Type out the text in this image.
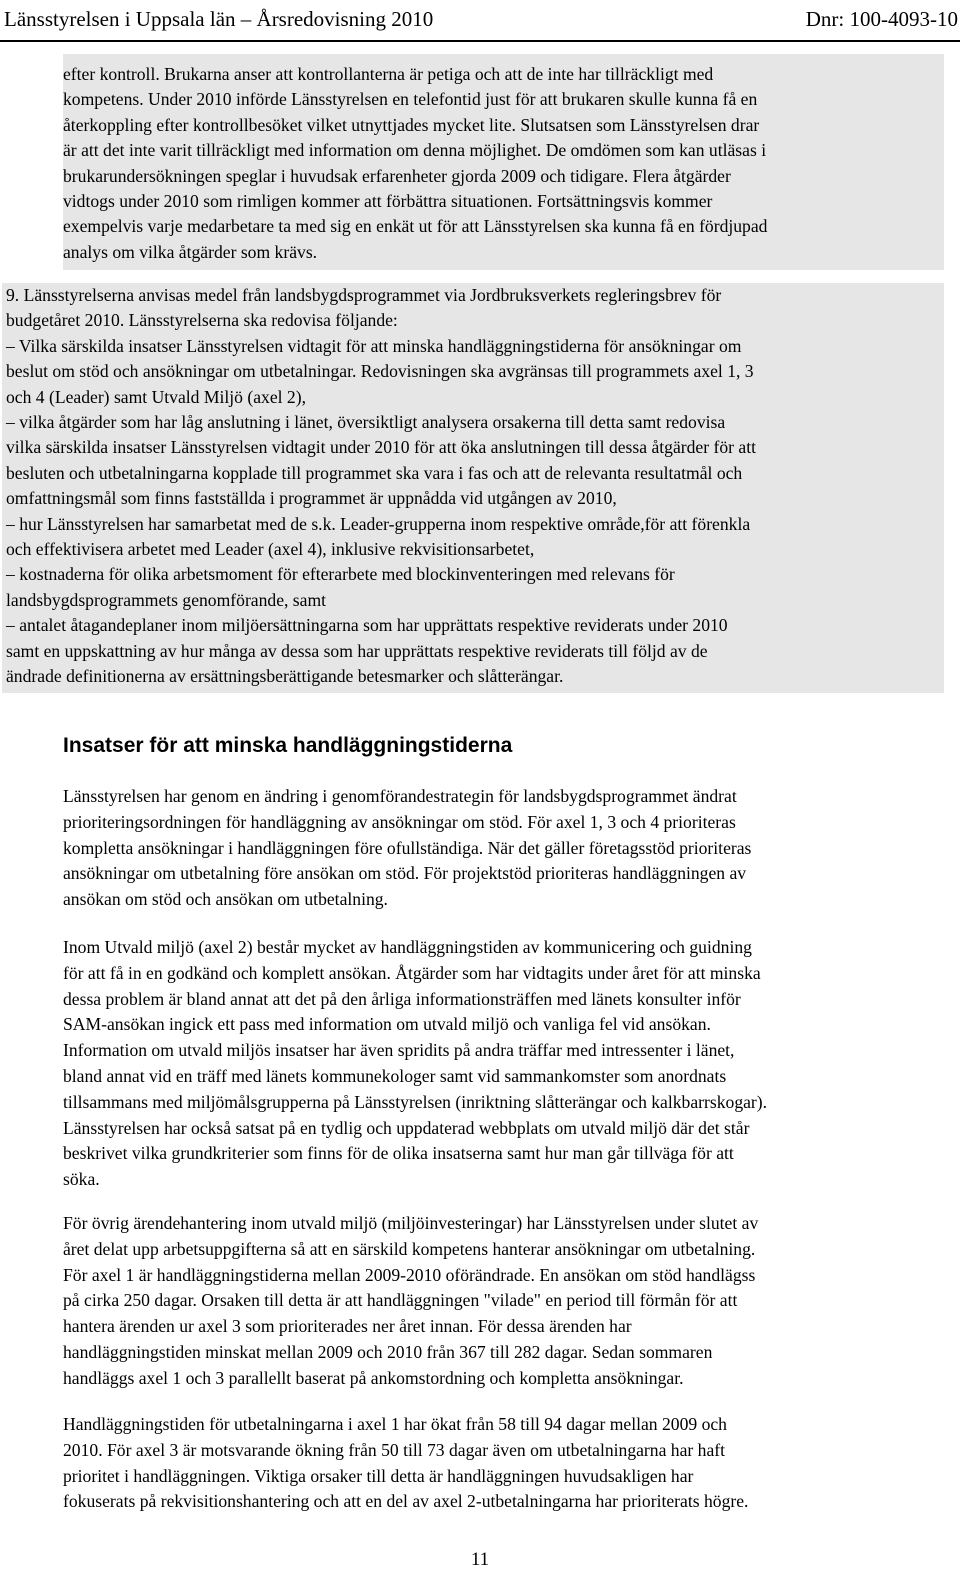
Länsstyrelsen i Uppsala län – Årsredovisning 2010	Dnr: 100-4093-10

efter kontroll. Brukarna anser att kontrollanterna är petiga och att de inte har tillräckligt med
kompetens. Under 2010 införde Länsstyrelsen en telefontid just för att brukaren skulle kunna få en
återkoppling efter kontrollbesöket vilket utnyttjades mycket lite. Slutsatsen som Länsstyrelsen drar
är att det inte varit tillräckligt med information om denna möjlighet. De omdömen som kan utläsas i
brukarundersökningen speglar i huvudsak erfarenheter gjorda 2009 och tidigare. Flera åtgärder
vidtogs under 2010 som rimligen kommer att förbättra situationen. Fortsättningsvis kommer
exempelvis varje medarbetare ta med sig en enkät ut för att Länsstyrelsen ska kunna få en fördjupad
analys om vilka åtgärder som krävs.

9. Länsstyrelserna anvisas medel från landsbygdsprogrammet via Jordbruksverkets regleringsbrev för
budgetåret 2010. Länsstyrelserna ska redovisa följande:
– Vilka särskilda insatser Länsstyrelsen vidtagit för att minska handläggningstiderna för ansökningar om
beslut om stöd och ansökningar om utbetalningar. Redovisningen ska avgränsas till programmets axel 1, 3
och 4 (Leader) samt Utvald Miljö (axel 2),
– vilka åtgärder som har låg anslutning i länet, översiktligt analysera orsakerna till detta samt redovisa
vilka särskilda insatser Länsstyrelsen vidtagit under 2010 för att öka anslutningen till dessa åtgärder för att
besluten och utbetalningarna kopplade till programmet ska vara i fas och att de relevanta resultatmål och
omfattningsmål som finns fastställda i programmet är uppnådda vid utgången av 2010,
– hur Länsstyrelsen har samarbetat med de s.k. Leader-grupperna inom respektive område,för att förenkla
och effektivisera arbetet med Leader (axel 4), inklusive rekvisitionsarbetet,
– kostnaderna för olika arbetsmoment för efterarbete med blockinventeringen med relevans för
landsbygdsprogrammets genomförande, samt
– antalet åtagandeplaner inom miljöersättningarna som har upprättats respektive reviderats under 2010
samt en uppskattning av hur många av dessa som har upprättats respektive reviderats till följd av de
ändrade definitionerna av ersättningsberättigande betesmarker och slåtterängar.

Insatser för att minska handläggningstiderna

Länsstyrelsen har genom en ändring i genomförandestrategin för landsbygdsprogrammet ändrat
prioriteringsordningen för handläggning av ansökningar om stöd. För axel 1, 3 och 4 prioriteras
kompletta ansökningar i handläggningen före ofullständiga. När det gäller företagsstöd prioriteras
ansökningar om utbetalning före ansökan om stöd. För projektstöd prioriteras handläggningen av
ansökan om stöd och ansökan om utbetalning.

Inom Utvald miljö (axel 2) består mycket av handläggningstiden av kommunicering och guidning
för att få in en godkänd och komplett ansökan. Åtgärder som har vidtagits under året för att minska
dessa problem är bland annat att det på den årliga informationsträffen med länets konsulter inför
SAM-ansökan ingick ett pass med information om utvald miljö och vanliga fel vid ansökan.
Information om utvald miljös insatser har även spridits på andra träffar med intressenter i länet,
bland annat vid en träff med länets kommunekologer samt vid sammankomster som anordnats
tillsammans med miljömålsgrupperna på Länsstyrelsen (inriktning slåtterängar och kalkbarrskogar).
Länsstyrelsen har också satsat på en tydlig och uppdaterad webbplats om utvald miljö där det står
beskrivet vilka grundkriterier som finns för de olika insatserna samt hur man går tillväga för att
söka.

För övrig ärendehantering inom utvald miljö (miljöinvesteringar) har Länsstyrelsen under slutet av
året delat upp arbetsuppgifterna så att en särskild kompetens hanterar ansökningar om utbetalning.
För axel 1 är handläggningstiderna mellan 2009-2010 oförändrade. En ansökan om stöd handlägss
på cirka 250 dagar. Orsaken till detta är att handläggningen "vilade" en period till förmån för att
hantera ärenden ur axel 3 som prioriterades ner året innan. För dessa ärenden har
handläggningstiden minskat mellan 2009 och 2010 från 367 till 282 dagar. Sedan sommaren
handläggs axel 1 och 3 parallellt baserat på ankomstordning och kompletta ansökningar.

Handläggningstiden för utbetalningarna i axel 1 har ökat från 58 till 94 dagar mellan 2009 och
2010. För axel 3 är motsvarande ökning från 50 till 73 dagar även om utbetalningarna har haft
prioritet i handläggningen. Viktiga orsaker till detta är handläggningen huvudsakligen har
fokuserats på rekvisitionshantering och att en del av axel 2-utbetalningarna har prioriterats högre.

11
